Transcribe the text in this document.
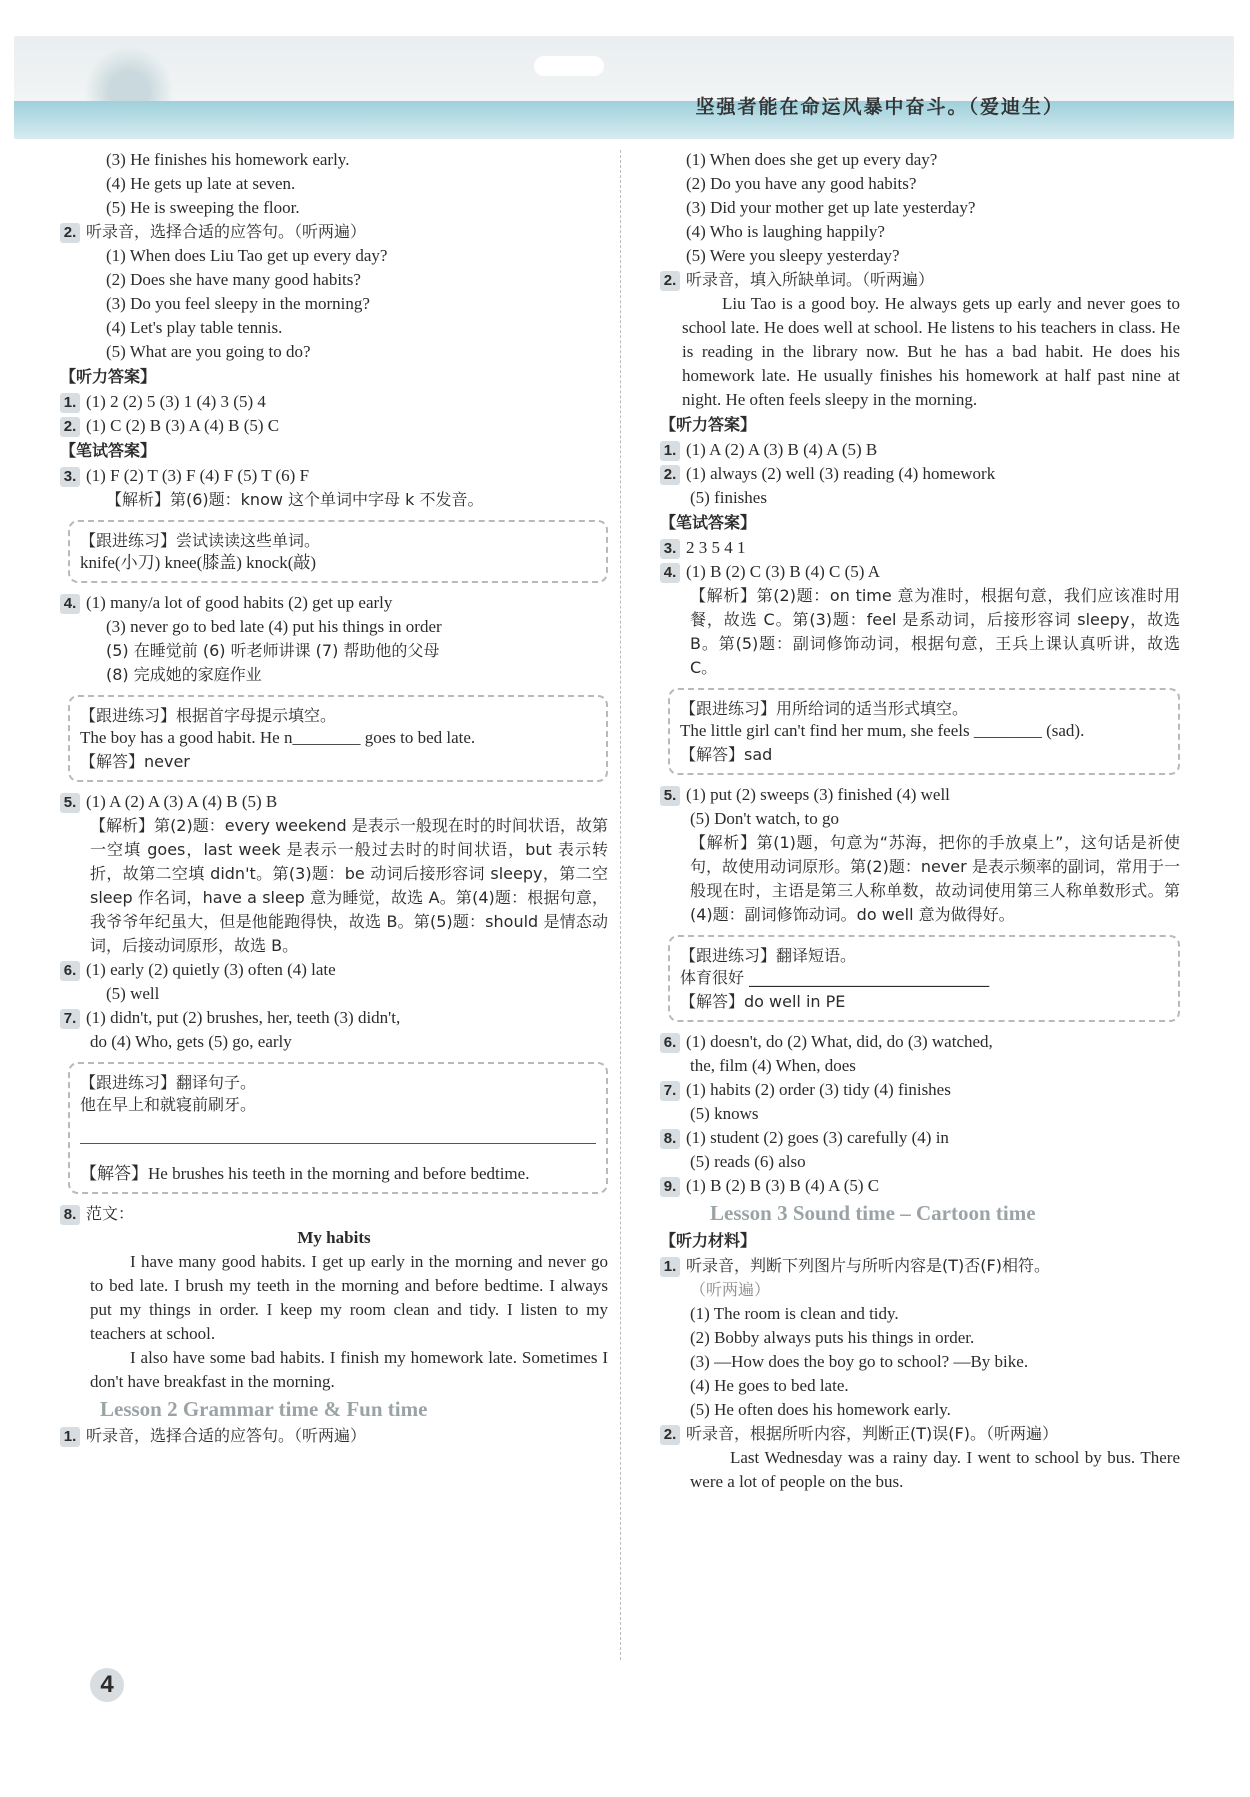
坚强者能在命运风暴中奋斗。（爱迪生）
(3) He finishes his homework early.
(4) He gets up late at seven.
(5) He is sweeping the floor.
2. 听录音，选择合适的应答句。（听两遍）
(1) When does Liu Tao get up every day?
(2) Does she have many good habits?
(3) Do you feel sleepy in the morning?
(4) Let's play table tennis.
(5) What are you going to do?
【听力答案】
1. (1) 2 (2) 5 (3) 1 (4) 3 (5) 4
2. (1) C (2) B (3) A (4) B (5) C
【笔试答案】
3. (1) F (2) T (3) F (4) F (5) T (6) F
【解析】第(6)题：know 这个单词中字母 k 不发音。
【跟进练习】尝试读读这些单词。
knife(小刀) knee(膝盖) knock(敲)
4. (1) many/a lot of good habits (2) get up early
(3) never go to bed late (4) put his things in order
(5) 在睡觉前 (6) 听老师讲课 (7) 帮助他的父母
(8) 完成她的家庭作业
【跟进练习】根据首字母提示填空。
The boy has a good habit. He n________ goes to bed late.
【解答】never
5. (1) A (2) A (3) A (4) B (5) B
【解析】第(2)题：every weekend 是表示一般现在时的时间状语，故第一空填 goes，last week 是表示一般过去时的时间状语，but 表示转折，故第二空填 didn't。第(3)题：be 动词后接形容词 sleepy，第二空 sleep 作名词，have a sleep 意为睡觉，故选 A。第(4)题：根据句意，我爷爷年纪虽大，但是他能跑得快，故选 B。第(5)题：should 是情态动词，后接动词原形，故选 B。
6. (1) early (2) quietly (3) often (4) late
(5) well
7. (1) didn't, put (2) brushes, her, teeth (3) didn't,
do (4) Who, gets (5) go, early
【跟进练习】翻译句子。
他在早上和就寝前刷牙。
【解答】He brushes his teeth in the morning and before bedtime.
8. 范文：
My habits
I have many good habits. I get up early in the morning and never go to bed late. I brush my teeth in the morning and before bedtime. I always put my things in order. I keep my room clean and tidy. I listen to my teachers at school.
I also have some bad habits. I finish my homework late. Sometimes I don't have breakfast in the morning.
Lesson 2 Grammar time & Fun time
1. 听录音，选择合适的应答句。（听两遍）
(1) When does she get up every day?
(2) Do you have any good habits?
(3) Did your mother get up late yesterday?
(4) Who is laughing happily?
(5) Were you sleepy yesterday?
2. 听录音，填入所缺单词。（听两遍）
Liu Tao is a good boy. He always gets up early and never goes to school late. He does well at school. He listens to his teachers in class. He is reading in the library now. But he has a bad habit. He does his homework late. He usually finishes his homework at half past nine at night. He often feels sleepy in the morning.
【听力答案】
1. (1) A (2) A (3) B (4) A (5) B
2. (1) always (2) well (3) reading (4) homework
(5) finishes
【笔试答案】
3. 2 3 5 4 1
4. (1) B (2) C (3) B (4) C (5) A
【解析】第(2)题：on time 意为准时，根据句意，我们应该准时用餐，故选 C。第(3)题：feel 是系动词，后接形容词 sleepy，故选 B。第(5)题：副词修饰动词，根据句意，王兵上课认真听讲，故选 C。
【跟进练习】用所给词的适当形式填空。
The little girl can't find her mum, she feels ________ (sad).
【解答】sad
5. (1) put (2) sweeps (3) finished (4) well
(5) Don't watch, to go
【解析】第(1)题，句意为“苏海，把你的手放桌上”，这句话是祈使句，故使用动词原形。第(2)题：never 是表示频率的副词，常用于一般现在时，主语是第三人称单数，故动词使用第三人称单数形式。第(4)题：副词修饰动词。do well 意为做得好。
【跟进练习】翻译短语。
体育很好 ______________________________
【解答】do well in PE
6. (1) doesn't, do (2) What, did, do (3) watched,
the, film (4) When, does
7. (1) habits (2) order (3) tidy (4) finishes
(5) knows
8. (1) student (2) goes (3) carefully (4) in
(5) reads (6) also
9. (1) B (2) B (3) B (4) A (5) C
Lesson 3 Sound time – Cartoon time
【听力材料】
1. 听录音，判断下列图片与所听内容是(T)否(F)相符。
（听两遍）
(1) The room is clean and tidy.
(2) Bobby always puts his things in order.
(3) —How does the boy go to school? —By bike.
(4) He goes to bed late.
(5) He often does his homework early.
2. 听录音，根据所听内容，判断正(T)误(F)。（听两遍）
Last Wednesday was a rainy day. I went to school by bus. There were a lot of people on the bus.
4
